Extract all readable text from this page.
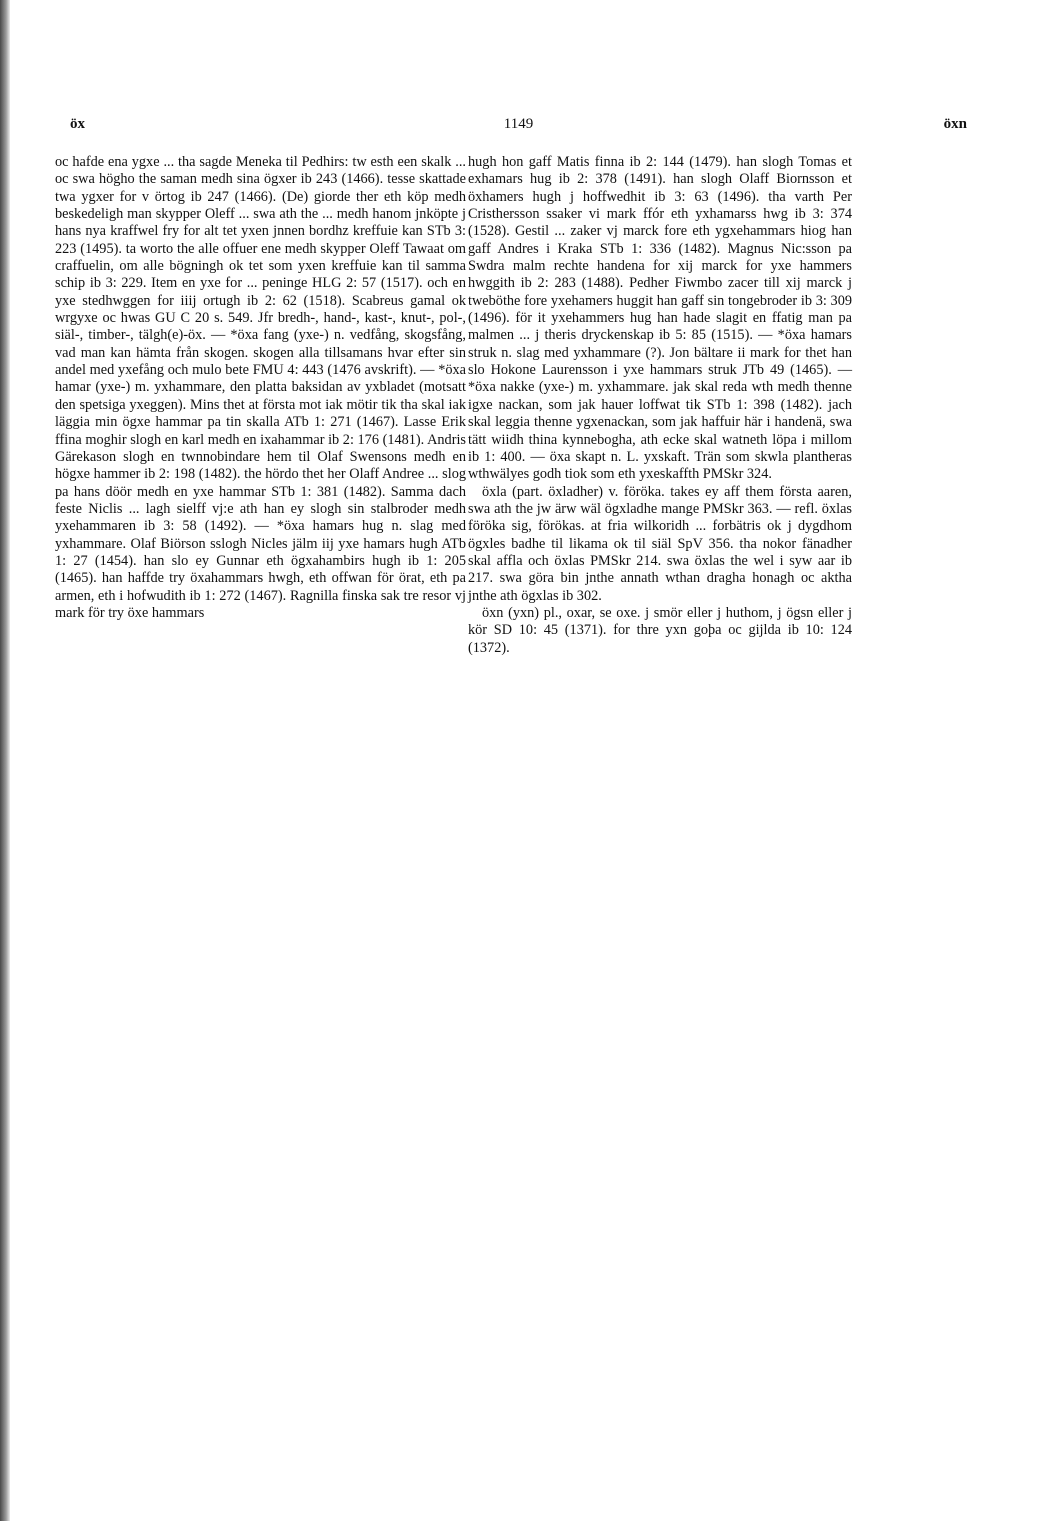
öx	1149	öxn

oc hafde ena ygxe ... tha sagde Meneka til Pedhirs: tw esth een skalk ... oc swa högho the saman medh sina ögxer ib 243 (1466). tesse skattade twa ygxer for v örtog ib 247 (1466). (De) giorde ther eth köp medh beskedeligh man skypper Oleff ... swa ath the ... medh hanom jnköpte j hans nya kraffwel fry for alt tet yxen jnnen bordhz kreffuie kan STb 3: 223 (1495). ta worto the alle offuer ene medh skypper Oleff Tawaat om craffuelin, om alle bögningh ok tet som yxen kreffuie kan til samma schip ib 3: 229. Item en yxe for ... peninge HLG 2: 57 (1517). och en yxe stedhwggen for iiij ortugh ib 2: 62 (1518). Scabreus gamal ok wrgyxe oc hwas GU C 20 s. 549. Jfr bredh-, hand-, kast-, knut-, pol-, siäl-, timber-, tälgh(e)-öx. — *öxa fang (yxe-) n. vedfång, skogsfång, vad man kan hämta från skogen. skogen alla tillsamans hvar efter sin andel med yxefång och mulo bete FMU 4: 443 (1476 avskrift). — *öxa hamar (yxe-) m. yxhammare, den platta baksidan av yxbladet (motsatt den spetsiga yxeggen). Mins thet at första mot iak mötir tik tha skal iak läggia min ögxe hammar pa tin skalla ATb 1: 271 (1467). Lasse Erik ffina moghir slogh en karl medh en ixahammar ib 2: 176 (1481). Andris Gärekason slogh en twnnobindare hem til Olaf Swensons medh en högxe hammer ib 2: 198 (1482). the hördo thet her Olaff Andree ... slog pa hans döör medh en yxe hammar STb 1: 381 (1482). Samma dach feste Niclis ... lagh sielff vj:e ath han ey slogh sin stalbroder medh yxehammaren ib 3: 58 (1492). — *öxa hamars hug n. slag med yxhammare. Olaf Biörson sslogh Nicles jälm iij yxe hamars hugh ATb 1: 27 (1454). han slo ey Gunnar eth ögxahambirs hugh ib 1: 205 (1465). han haffde try öxahammars hwgh, eth offwan för örat, eth pa armen, eth i hofwudith ib 1: 272 (1467). Ragnilla finska sak tre resor vj mark för try öxe hammars

hugh hon gaff Matis finna ib 2: 144 (1479). han slogh Tomas et exhamars hug ib 2: 378 (1491). han slogh Olaff Biornsson et öxhamers hugh j hoffwedhit ib 3: 63 (1496). tha varth Per Cristhersson ssaker vi mark ffór eth yxhamarss hwg ib 3: 374 (1528). Gestil ... zaker vj marck fore eth ygxehammars hiog han gaff Andres i Kraka STb 1: 336 (1482). Magnus Nic:sson pa Swdra malm rechte handena for xij marck for yxe hammers hwggith ib 2: 283 (1488). Pedher Fiwmbo zacer till xij marck j twebӧthe fore yxehamers huggit han gaff sin tongebroder ib 3: 309 (1496). för it yxehammers hug han hade slagit en ffatig man pa malmen ... j theris dryckenskap ib 5: 85 (1515). — *öxa hamars struk n. slag med yxhammare (?). Jon bältare ii mark for thet han slo Hokone Laurensson i yxe hammars struk JTb 49 (1465). — *öxa nakke (yxe-) m. yxhammare. jak skal reda wth medh thenne igxe nackan, som jak hauer loffwat tik STb 1: 398 (1482). jach skal leggia thenne ygxenackan, som jak haffuir här i handenä, swa tätt wiidh thina kynnebogha, ath ecke skal watneth löpa i millom ib 1: 400. — öxa skapt n. L. yxskaft. Trän som skwla plantheras wthwälyes godh tiok som eth yxeskaffth PMSkr 324.

öxla (part. öxladher) v. föröka. takes ey aff them första aaren, swa ath the jw ärw wäl ögxladhe mange PMSkr 363. — refl. öxlas föröka sig, förökas. at fria wilkoridh ... forbätris ok j dygdhom ögxles badhe til likama ok til siäl SpV 356. tha nokor fänadher skal affla och öxlas PMSkr 214. swa öxlas the wel i syw aar ib 217. swa göra bin jnthe annath wthan dragha honagh oc aktha jnthe ath ögxlas ib 302.

öxn (yxn) pl., oxar, se oxe. j smör eller j huthom, j ögsn eller j kör SD 10: 45 (1371). for thre yxn goþa oc gijlda ib 10: 124 (1372).
